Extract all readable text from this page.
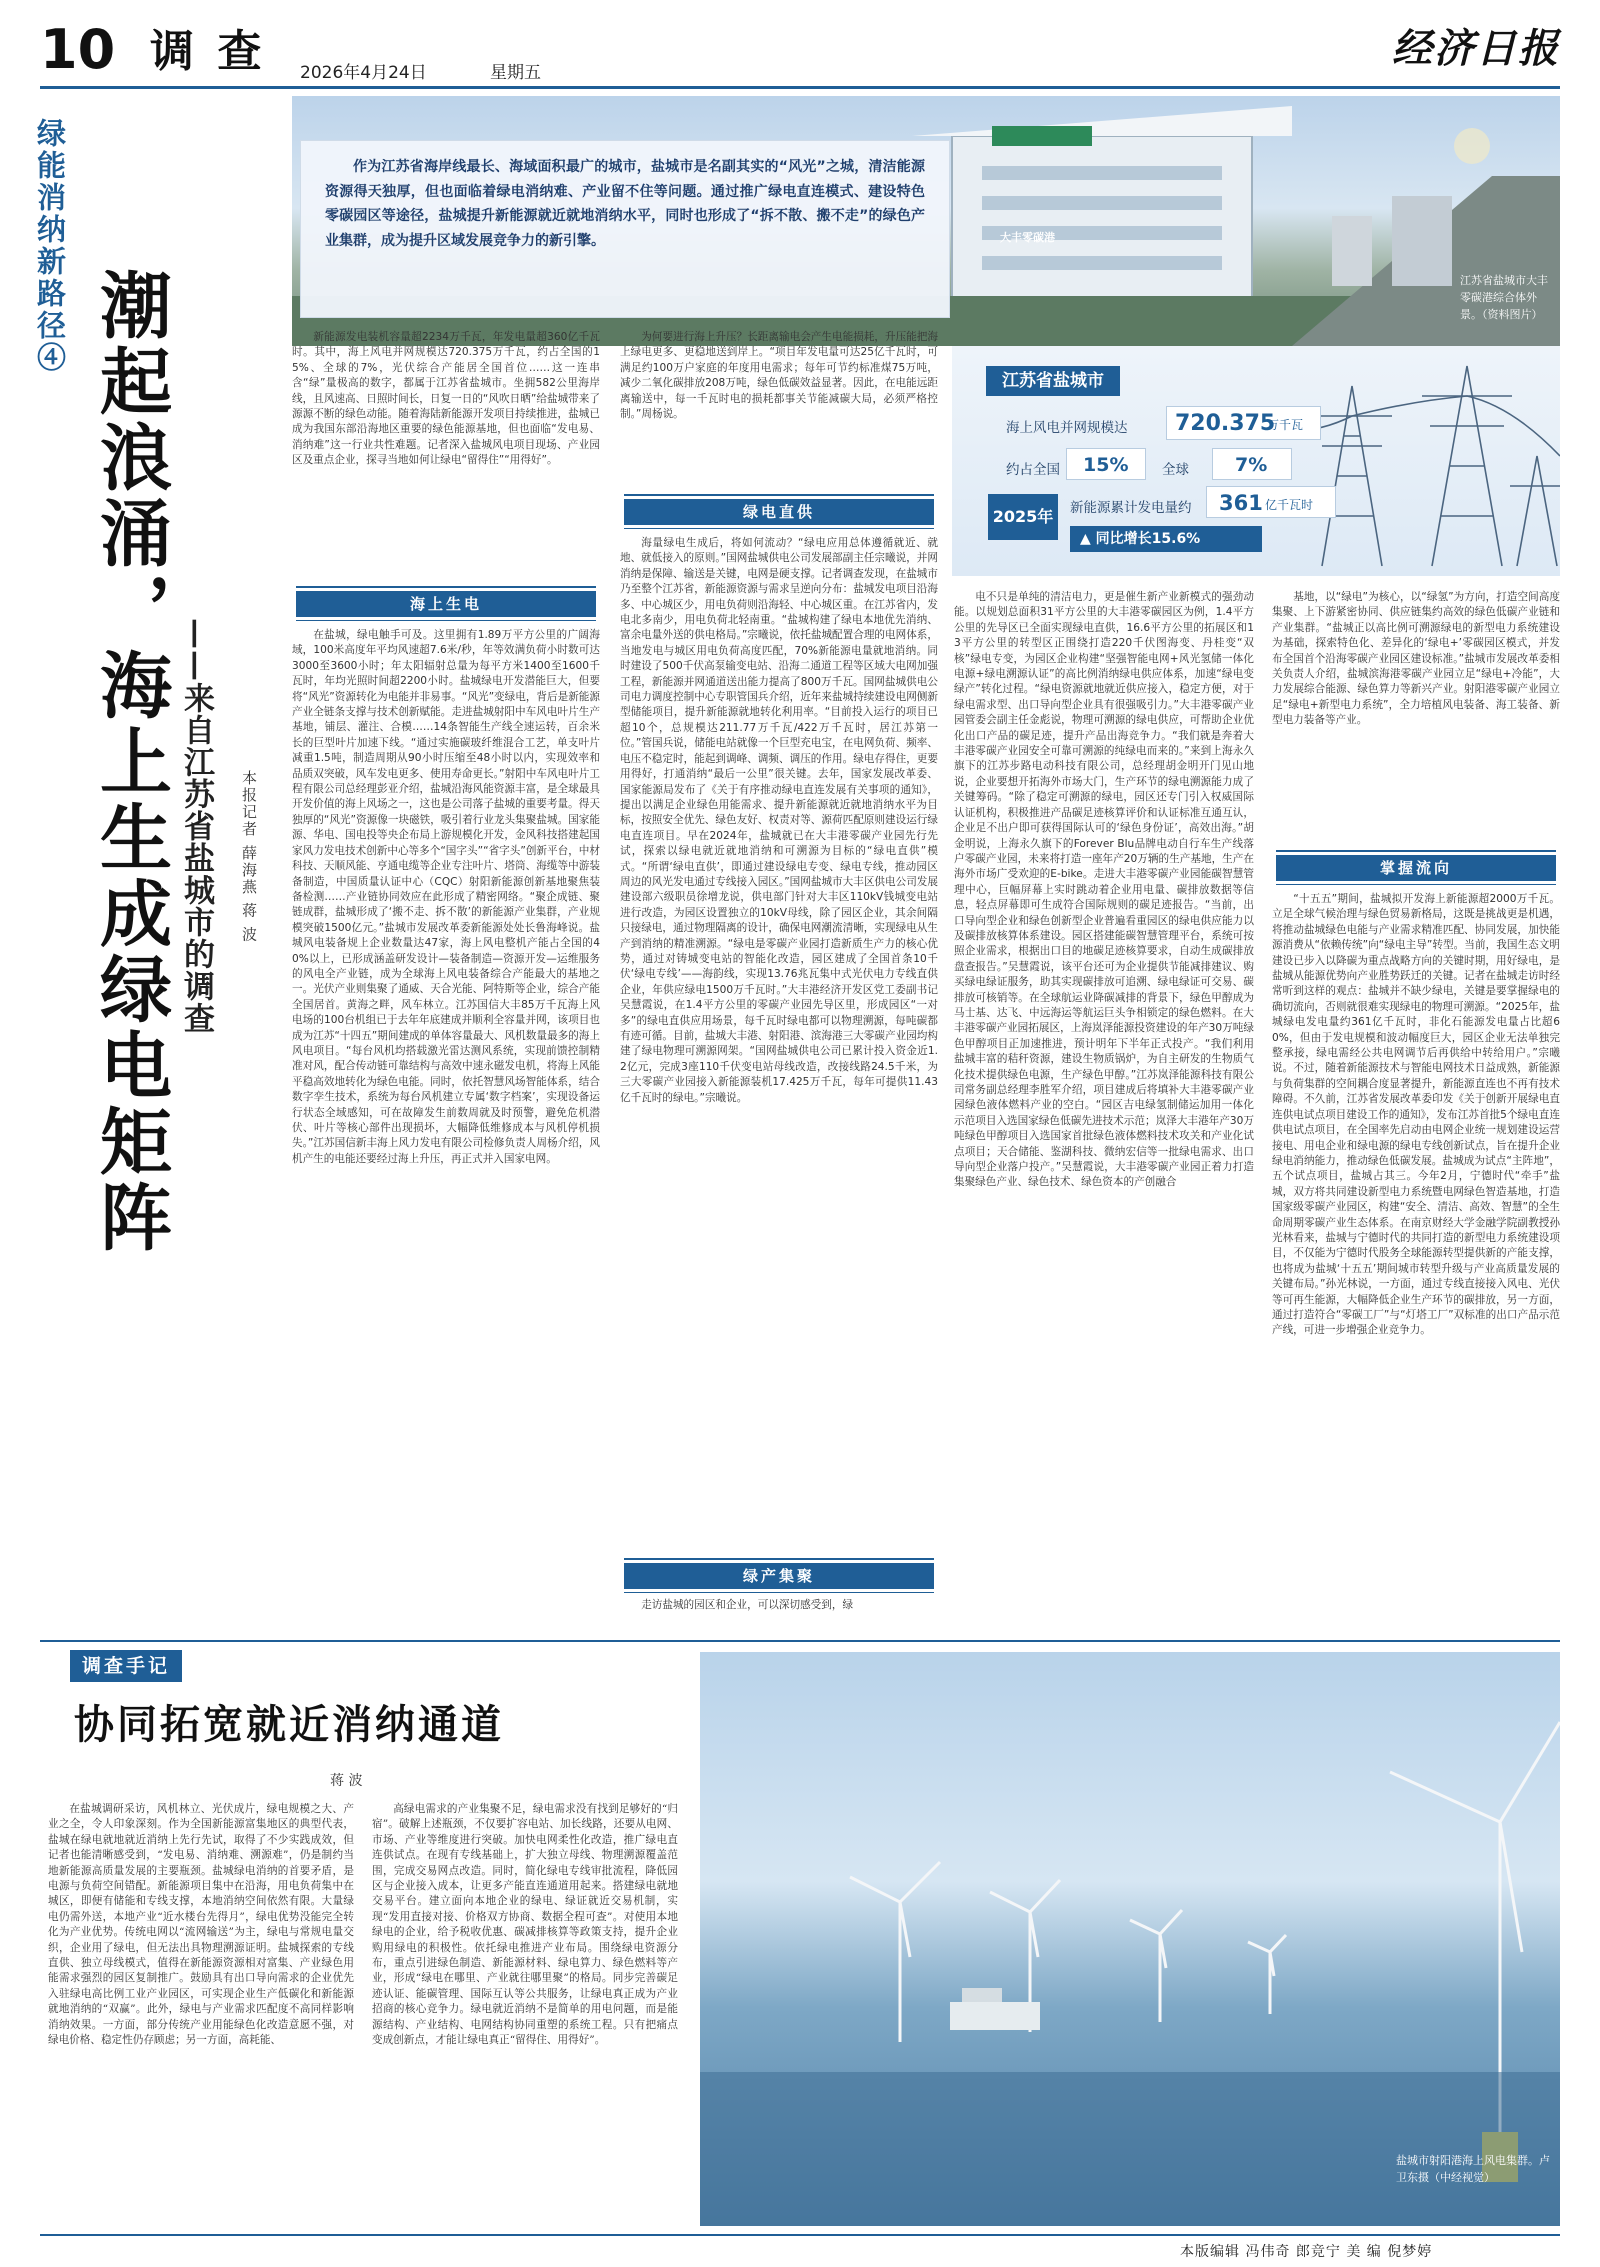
10 调 查 2026年4月24日	星期五
经济日报
绿能消纳新路径④
潮起浪涌，海上生成绿电矩阵 ——来自江苏省盐城市的调查 本报记者 薛海燕 蒋 波
大丰零碳港
江苏省盐城市大丰零碳港综合体外景。（资料图片）
作为江苏省海岸线最长、海域面积最广的城市，盐城市是名副其实的“风光”之城，清洁能源资源得天独厚，但也面临着绿电消纳难、产业留不住等问题。通过推广绿电直连模式、建设特色零碳园区等途径，盐城提升新能源就近就地消纳水平，同时也形成了“拆不散、搬不走”的绿色产业集群，成为提升区域发展竞争力的新引擎。
江苏省盐城市
海上风电并网规模达 720.375
万千瓦
约占全国 15% 全球 7%
2025年	新能源累计发电量约 361 亿千瓦时
▲ 同比增长15.6%
新能源发电装机容量超2234万千瓦，年发电量超360亿千瓦时。其中，海上风电并网规模达720.375万千瓦，约占全国的15%、全球的7%，光伏综合产能居全国首位……这一连串含“绿”量极高的数字，都属于江苏省盐城市。坐拥582公里海岸线，且风速高、日照时间长，日复一日的“风吹日晒”给盐城带来了源源不断的绿色动能。随着海陆新能源开发项目持续推进，盐城已成为我国东部沿海地区重要的绿色能源基地，但也面临“发电易、消纳难”这一行业共性难题。记者深入盐城风电项目现场、产业园区及重点企业，探寻当地如何让绿电“留得住”“用得好”。
海上生电
在盐城，绿电触手可及。这里拥有1.89万平方公里的广阔海域，100米高度年平均风速超7.6米/秒，年等效满负荷小时数可达3000至3600小时；年太阳辐射总量为每平方米1400至1600千瓦时，年均光照时间超2200小时。盐城绿电开发潜能巨大，但要将“风光”资源转化为电能并非易事。“风光”变绿电，背后是新能源产业全链条支撑与技术创新赋能。走进盐城射阳中车风电叶片生产基地，铺层、灌注、合模……14条智能生产线全速运转，百余米长的巨型叶片加速下线。“通过实施碳玻纤维混合工艺，单支叶片减重1.5吨，制造周期从90小时压缩至48小时以内，实现效率和品质双突破，风车发电更多、使用寿命更长。”射阳中车风电叶片工程有限公司总经理彭亚介绍，盐城沿海风能资源丰富，是全球最具开发价值的海上风场之一，这也是公司落子盐城的重要考量。得天独厚的“风光”资源像一块磁铁，吸引着行业龙头集聚盐城。国家能源、华电、国电投等央企布局上游规模化开发，金风科技搭建起国家风力发电技术创新中心等多个“国字头”“省字头”创新平台，中材科技、天顺风能、亨通电缆等企业专注叶片、塔筒、海缆等中游装备制造，中国质量认证中心（CQC）射阳新能源创新基地聚焦装备检测……产业链协同效应在此形成了精密网络。“聚企成链、聚链成群，盐城形成了‘搬不走、拆不散’的新能源产业集群，产业规模突破1500亿元。”盐城市发展改革委新能源处处长鲁海峰说。盐城风电装备规上企业数量达47家，海上风电整机产能占全国的40%以上，已形成涵盖研发设计—装备制造—资源开发—运维服务的风电全产业链，成为全球海上风电装备综合产能最大的基地之一。光伏产业则集聚了通威、天合光能、阿特斯等企业，综合产能全国居首。黄海之畔，风车林立。江苏国信大丰85万千瓦海上风电场的100台机组已于去年年底建成并顺利全容量并网，该项目也成为江苏“十四五”期间建成的单体容量最大、风机数量最多的海上风电项目。“每台风机均搭载激光雷达测风系统，实现前馈控制精准对风，配合传动链可靠结构与高效中速永磁发电机，将海上风能平稳高效地转化为绿色电能。同时，依托智慧风场智能体系，结合数字孪生技术，系统为每台风机建立专属‘数字档案’，实现设备运行状态全域感知，可在故障发生前数周就及时预警，避免危机潜伏、叶片等核心部件出现损坏，大幅降低维修成本与风机停机损失。”江苏国信新丰海上风力发电有限公司检修负责人周杨介绍，风机产生的电能还要经过海上升压，再正式并入国家电网。
为何要进行海上升压？长距离输电会产生电能损耗，升压能把海上绿电更多、更稳地送到岸上。“项目年发电量可达25亿千瓦时，可满足约100万户家庭的年度用电需求；每年可节约标准煤75万吨，减少二氧化碳排放208万吨，绿色低碳效益显著。因此，在电能远距离输送中，每一千瓦时电的损耗都事关节能减碳大局，必须严格控制。”周杨说。
绿电直供
海量绿电生成后，将如何流动？“绿电应用总体遵循就近、就地、就低接入的原则。”国网盐城供电公司发展部副主任宗曦说，并网消纳是保障、输送是关键，电网是硬支撑。记者调查发现，在盐城市乃至整个江苏省，新能源资源与需求呈逆向分布：盐城发电项目沿海多、中心城区少，用电负荷则沿海轻、中心城区重。在江苏省内，发电北多南少，用电负荷北轻南重。“盐城构建了绿电本地优先消纳、富余电量外送的供电格局。”宗曦说，依托盐城配置合理的电网体系，当地发电与城区用电负荷高度匹配，70%新能源电量就地消纳。同时建设了500千伏高泵输变电站、沿海二通道工程等区域大电网加强工程，新能源并网通道送出能力提高了800万千瓦。国网盐城供电公司电力调度控制中心专职管国兵介绍，近年来盐城持续建设电网侧新型储能项目，提升新能源就地转化利用率。“目前投入运行的项目已超10个，总规模达211.77万千瓦/422万千瓦时，居江苏第一位。”管国兵说，储能电站就像一个巨型充电宝，在电网负荷、频率、电压不稳定时，能起到调峰、调频、调压的作用。绿电存得住，更要用得好，打通消纳“最后一公里”很关键。去年，国家发展改革委、国家能源局发布了《关于有序推动绿电直连发展有关事项的通知》，提出以满足企业绿色用能需求、提升新能源就近就地消纳水平为目标，按照安全优先、绿色友好、权责对等、源荷匹配原则建设运行绿电直连项目。早在2024年，盐城就已在大丰港零碳产业园先行先试，探索以绿电就近就地消纳和可溯源为目标的“绿电直供”模式。“所谓‘绿电直供’，即通过建设绿电专变、绿电专线，推动园区周边的风光发电通过专线接入园区。”国网盐城市大丰区供电公司发展建设部六级职员徐增龙说，供电部门针对大丰区110kV钱城变电站进行改造，为园区设置独立的10kV母线，除了园区企业，其余间隔只接绿电，通过物理隔离的设计，确保电网潮流清晰，实现绿电从生产到消纳的精准溯源。“绿电是零碳产业园打造新质生产力的核心优势，通过对铸城变电站的智能化改造，园区建成了全国首条10千伏‘绿电专线’——海韵线，实现13.76兆瓦集中式光伏电力专线直供企业，年供应绿电1500万千瓦时。”大丰港经济开发区党工委副书记吴慧霞说，在1.4平方公里的零碳产业园先导区里，形成园区“一对多”的绿电直供应用场景，每千瓦时绿电都可以物理溯源，每吨碳都有迹可循。目前，盐城大丰港、射阳港、滨海港三大零碳产业园均构建了绿电物理可溯源网架。“国网盐城供电公司已累计投入资金近1.2亿元，完成3座110千伏变电站母线改造，改接线路24.5千米，为三大零碳产业园接入新能源装机17.425万千瓦，每年可提供11.43亿千瓦时的绿电。”宗曦说。
绿产集聚
走访盐城的园区和企业，可以深切感受到，绿
电不只是单纯的清洁电力，更是催生新产业新模式的强劲动能。以规划总面积31平方公里的大丰港零碳园区为例，1.4平方公里的先导区已全面实现绿电直供，16.6平方公里的拓展区和13平方公里的转型区正围绕打造220千伏图海变、丹桂变“双核”绿电专变，为园区企业构建“坚强智能电网+风光氢储一体化电源+绿电溯源认证”的高比例消纳绿电供应体系，加速“绿电变绿产”转化过程。“绿电资源就地就近供应接入，稳定方便，对于绿电需求型、出口导向型企业具有很强吸引力。”大丰港零碳产业园管委会副主任金彪说，物理可溯源的绿电供应，可帮助企业优化出口产品的碳足迹，提升产品出海竞争力。“我们就是奔着大丰港零碳产业园安全可靠可溯源的纯绿电而来的。”来到上海永久旗下的江苏步路电动科技有限公司，总经理胡金明开门见山地说，企业要想开拓海外市场大门，生产环节的绿电溯源能力成了关键筹码。“除了稳定可溯源的绿电，园区还专门引入权威国际认证机构，积极推进产品碳足迹核算评价和认证标准互通互认，企业足不出户即可获得国际认可的‘绿色身份证’，高效出海。”胡金明说，上海永久旗下的Forever Blu品牌电动自行车生产线落户零碳产业园，未来将打造一座年产20万辆的生产基地，生产在海外市场广受欢迎的E-bike。走进大丰港零碳产业园能碳智慧管理中心，巨幅屏幕上实时跳动着企业用电量、碳排放数据等信息，轻点屏幕即可生成符合国际规则的碳足迹报告。“当前，出口导向型企业和绿色创新型企业普遍看重园区的绿电供应能力以及碳排放核算体系建设。园区搭建能碳智慧管理平台，系统可按照企业需求，根据出口目的地碳足迹核算要求，自动生成碳排放盘查报告。”吴慧霞说，该平台还可为企业提供节能减排建议、购买绿电绿证服务，助其实现碳排放可追溯、绿电绿证可交易、碳排放可核销等。在全球航运业降碳减排的背景下，绿色甲醇成为马士基、达飞、中远海运等航运巨头争相锁定的绿色燃料。在大丰港零碳产业园拓展区，上海岚泽能源投资建设的年产30万吨绿色甲醇项目正加速推进，预计明年下半年正式投产。“我们利用盐城丰富的秸秆资源，建设生物质锅炉，为自主研发的生物质气化技术提供绿色电源，生产绿色甲醇。”江苏岚泽能源科技有限公司常务副总经理李胜军介绍，项目建成后将填补大丰港零碳产业园绿色液体燃料产业的空白。“园区吉电绿氢制储运加用一体化示范项目入选国家绿色低碳先进技术示范；岚泽大丰港年产30万吨绿色甲醇项目入选国家首批绿色液体燃料技术攻关和产业化试点项目；天合储能、鉴湖科技、微纳宏信等一批绿电需求、出口导向型企业落户投产。”吴慧霞说，大丰港零碳产业园正着力打造集聚绿色产业、绿色技术、绿色资本的产创融合
基地，以“绿电”为核心，以“绿氢”为方向，打造空间高度集聚、上下游紧密协同、供应链集约高效的绿色低碳产业链和产业集群。“盐城正以高比例可溯源绿电的新型电力系统建设为基础，探索特色化、差异化的‘绿电+’零碳园区模式，并发布全国首个沿海零碳产业园区建设标准。”盐城市发展改革委相关负责人介绍，盐城滨海港零碳产业园立足“绿电+冷能”，大力发展综合能源、绿色算力等新兴产业。射阳港零碳产业园立足“绿电+新型电力系统”，全力培植风电装备、海工装备、新型电力装备等产业。
掌握流向
“十五五”期间，盐城拟开发海上新能源超2000万千瓦。立足全球气候治理与绿色贸易新格局，这既是挑战更是机遇，将推动盐城绿色电能与产业需求精准匹配、协同发展，加快能源消费从“依赖传统”向“绿电主导”转型。当前，我国生态文明建设已步入以降碳为重点战略方向的关键时期，用好绿电，是盐城从能源优势向产业胜势跃迁的关键。记者在盐城走访时经常听到这样的观点：盐城并不缺少绿电，关键是要掌握绿电的确切流向，否则就很难实现绿电的物理可溯源。“2025年，盐城绿电发电量约361亿千瓦时，非化石能源发电量占比超60%，但由于发电规模和波动幅度巨大，园区企业无法单独完整承接，绿电需经公共电网调节后再供给中转给用户。”宗曦说。不过，随着新能源技术与智能电网技术日益成熟，新能源与负荷集群的空间耦合度显著提升，新能源直连也不再有技术障碍。不久前，江苏省发展改革委印发《关于创新开展绿电直连供电试点项目建设工作的通知》，发布江苏首批5个绿电直连供电试点项目，在全国率先启动由电网企业统一规划建设运营接电、用电企业和绿电源的绿电专线创新试点，旨在提升企业绿电消纳能力，推动绿色低碳发展。盐城成为试点“主阵地”，五个试点项目，盐城占其三。今年2月，宁德时代“牵手”盐城，双方将共同建设新型电力系统暨电网绿色智造基地，打造国家级零碳产业园区，构建“安全、清洁、高效、智慧”的全生命周期零碳产业生态体系。在南京财经大学金融学院副教授孙光林看来，盐城与宁德时代的共同打造的新型电力系统建设项目，不仅能为宁德时代股务全球能源转型提供新的产能支撑，也将成为盐城‘十五五’期间城市转型升级与产业高质量发展的关键布局。”孙光林说，一方面，通过专线直接接入风电、光伏等可再生能源，大幅降低企业生产环节的碳排放，另一方面，通过打造符合“零碳工厂”与“灯塔工厂”双标准的出口产品示范产线，可进一步增强企业竞争力。
调查手记
协同拓宽就近消纳通道
蒋 波
在盐城调研采访，风机林立、光伏成片，绿电规模之大、产业之全，令人印象深刻。作为全国新能源富集地区的典型代表，盐城在绿电就地就近消纳上先行先试，取得了不少实践成效，但记者也能清晰感受到，“发电易、消纳难、溯源难”，仍是制约当地新能源高质量发展的主要瓶颈。盐城绿电消纳的首要矛盾，是电源与负荷空间错配。新能源项目集中在沿海，用电负荷集中在城区，即便有储能和专线支撑，本地消纳空间依然有限。大量绿电仍需外送，本地产业“近水楼台先得月”，绿电优势没能完全转化为产业优势。传统电网以“流网输送”为主，绿电与常规电量交织，企业用了绿电，但无法出具物理溯源证明。盐城探索的专线直供、独立母线模式，值得在新能源资源相对富集、产业绿色用能需求强烈的园区复制推广。鼓励具有出口导向需求的企业优先入驻绿电高比例工业产业园区，可实现企业生产低碳化和新能源就地消纳的“双赢”。此外，绿电与产业需求匹配度不高同样影响消纳效果。一方面，部分传统产业用能绿色化改造意愿不强，对绿电价格、稳定性仍存顾虑；另一方面，高耗能、
高绿电需求的产业集聚不足，绿电需求没有找到足够好的“归宿”。破解上述瓶颈，不仅要扩容电站、加长线路，还要从电网、市场、产业等维度进行突破。加快电网柔性化改造，推广绿电直连供试点。在现有专线基础上，扩大独立母线、物理溯源覆盖范围，完成交易网点改造。同时，简化绿电专线审批流程，降低园区与企业接入成本，让更多产能直连通道用起来。搭建绿电就地交易平台。建立面向本地企业的绿电、绿证就近交易机制，实现“发用直接对接、价格双方协商、数据全程可查”。对使用本地绿电的企业，给予税收优惠、碳减排核算等政策支持，提升企业购用绿电的积极性。依托绿电推进产业布局。围绕绿电资源分布，重点引进绿色制造、新能源材料、绿电算力、绿色燃料等产业，形成“绿电在哪里、产业就往哪里聚”的格局。同步完善碳足迹认证、能碳管理、国际互认等公共服务，让绿电真正成为产业招商的核心竞争力。绿电就近消纳不是简单的用电问题，而是能源结构、产业结构、电网结构协同重塑的系统工程。只有把痛点变成创新点，才能让绿电真正“留得住、用得好”。
盐城市射阳港海上风电集群。卢卫东摄（中经视觉）
本版编辑 冯伟奇 郎竞宁 美 编 倪梦婷
